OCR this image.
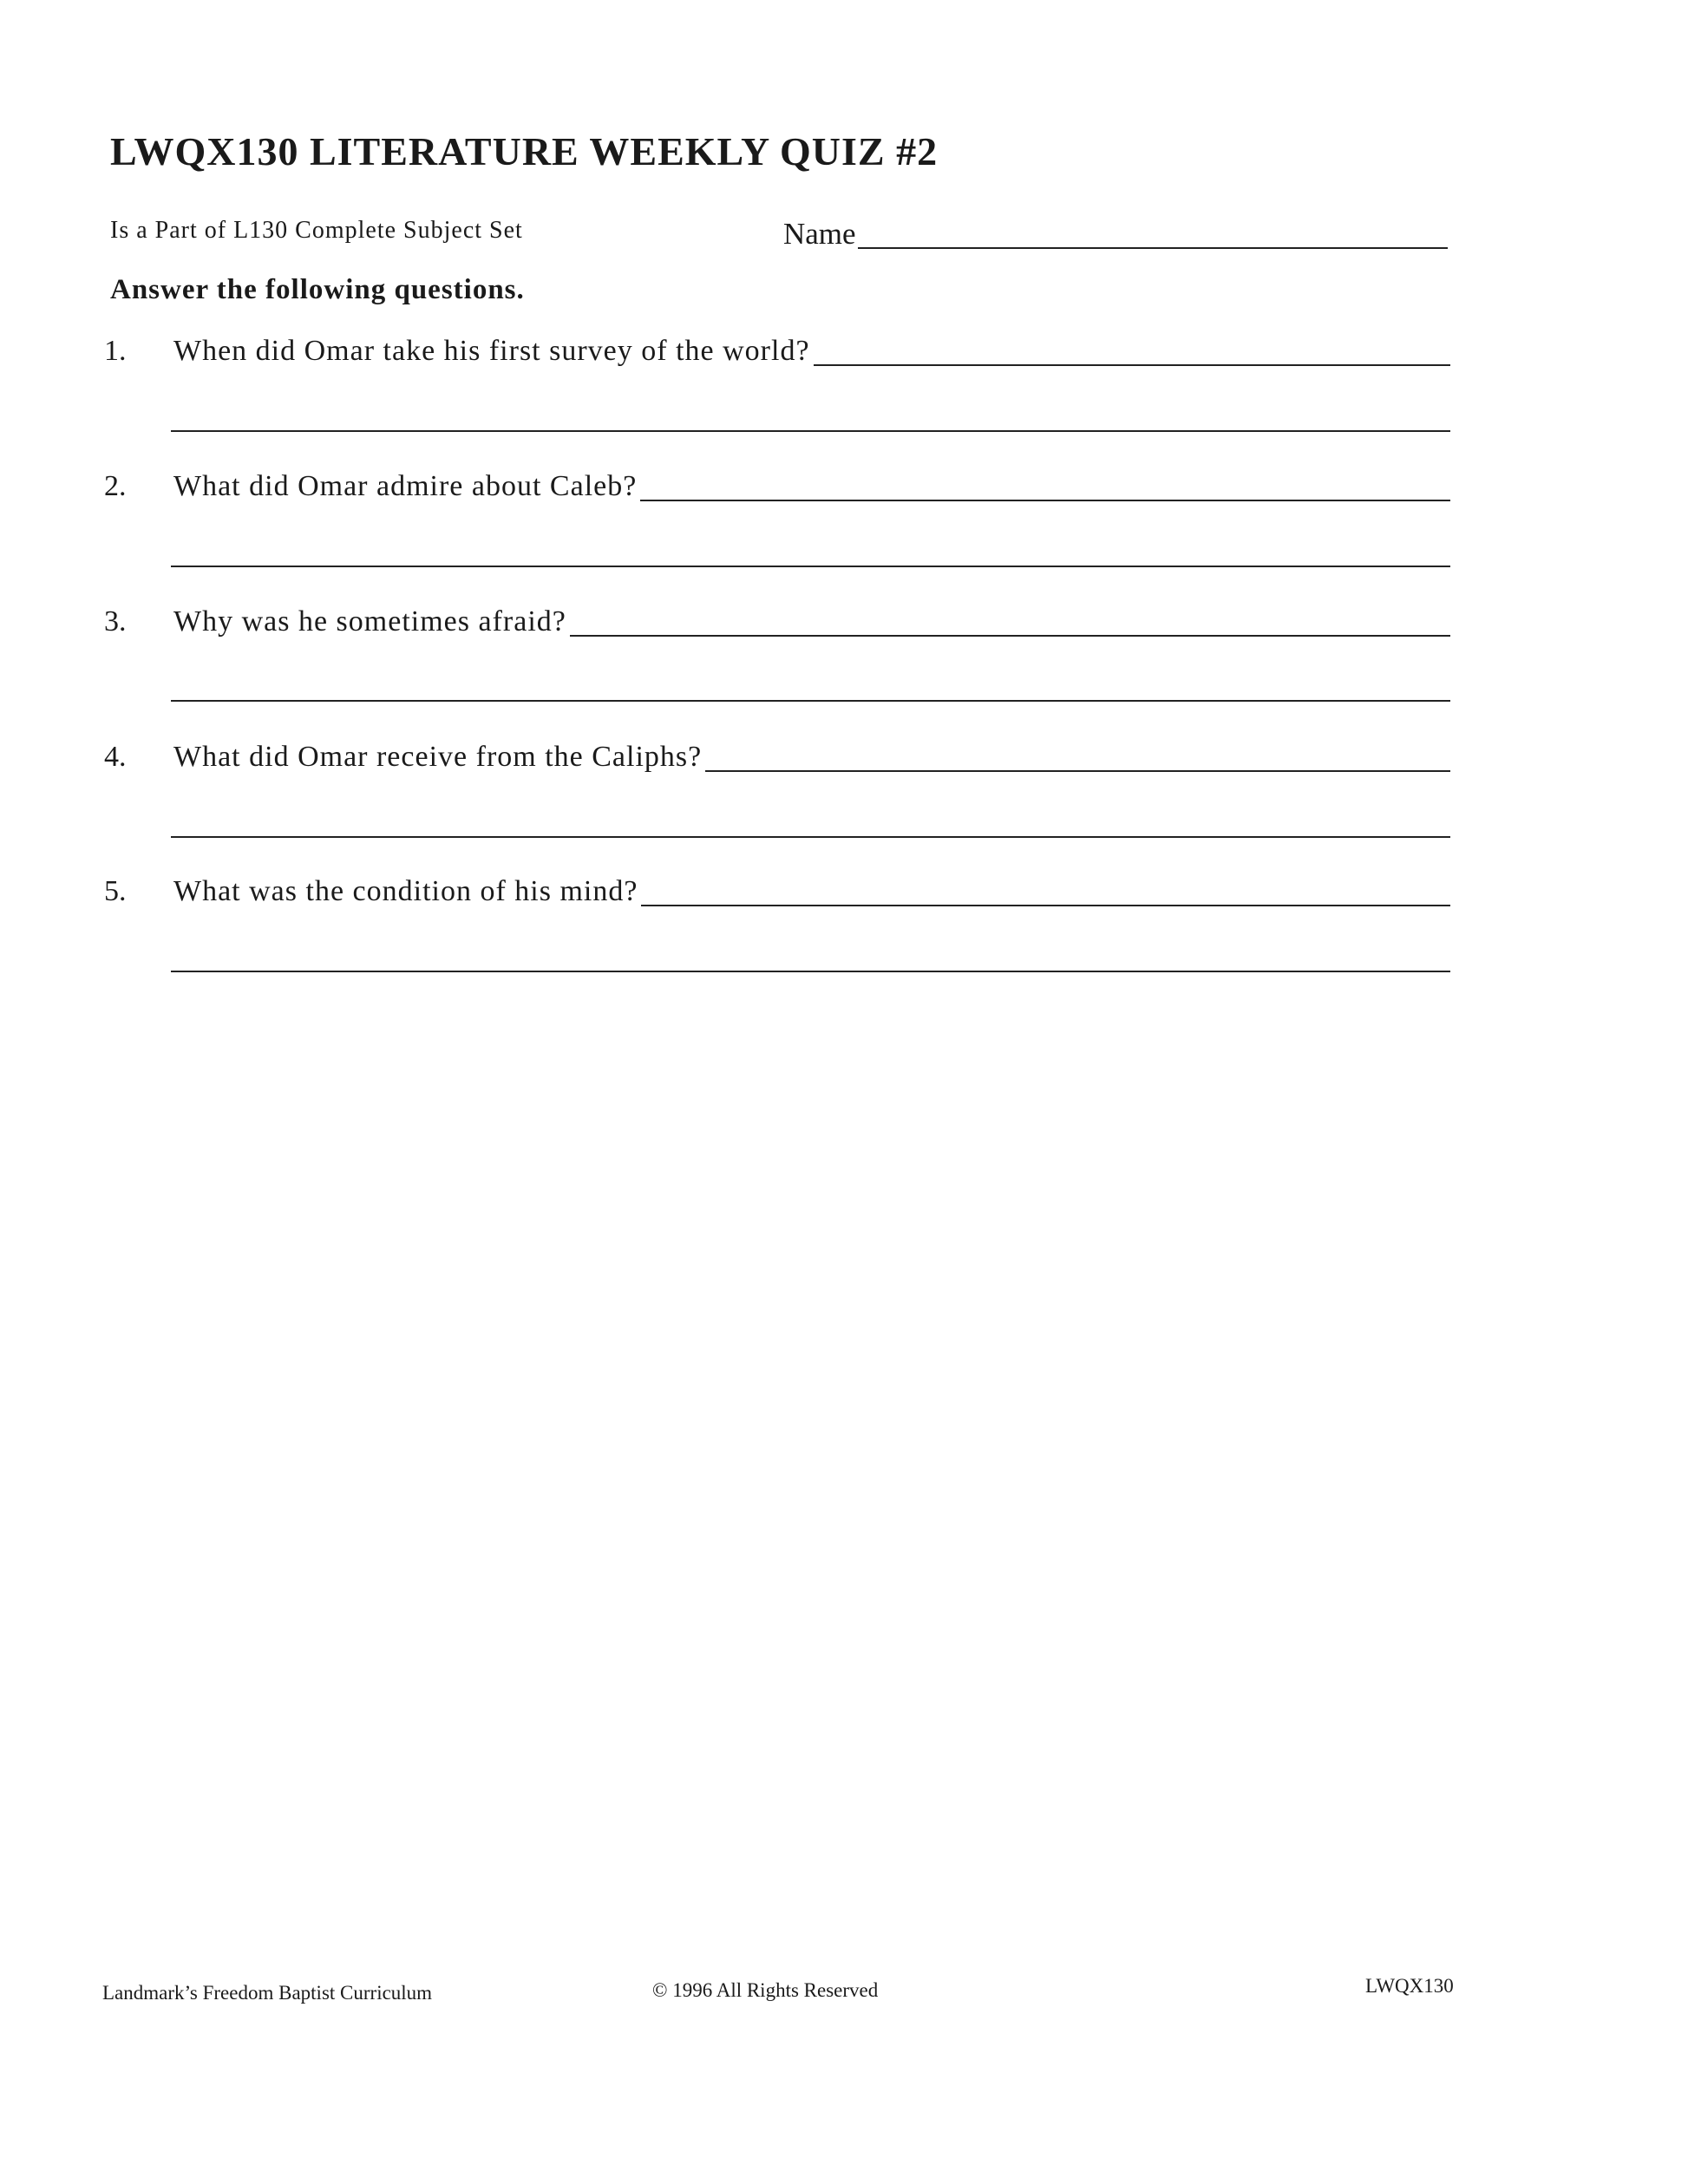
LWQX130 LITERATURE WEEKLY QUIZ #2
Is a Part of L130 Complete Subject Set	Name
Answer the following questions.
1.	When did Omar take his first survey of the world?
2.	What did Omar admire about Caleb?
3.	Why was he sometimes afraid?
4.	What did Omar receive from the Caliphs?
5.	What was the condition of his mind?
Landmark’s Freedom Baptist Curriculum	© 1996 All Rights Reserved	LWQX130
